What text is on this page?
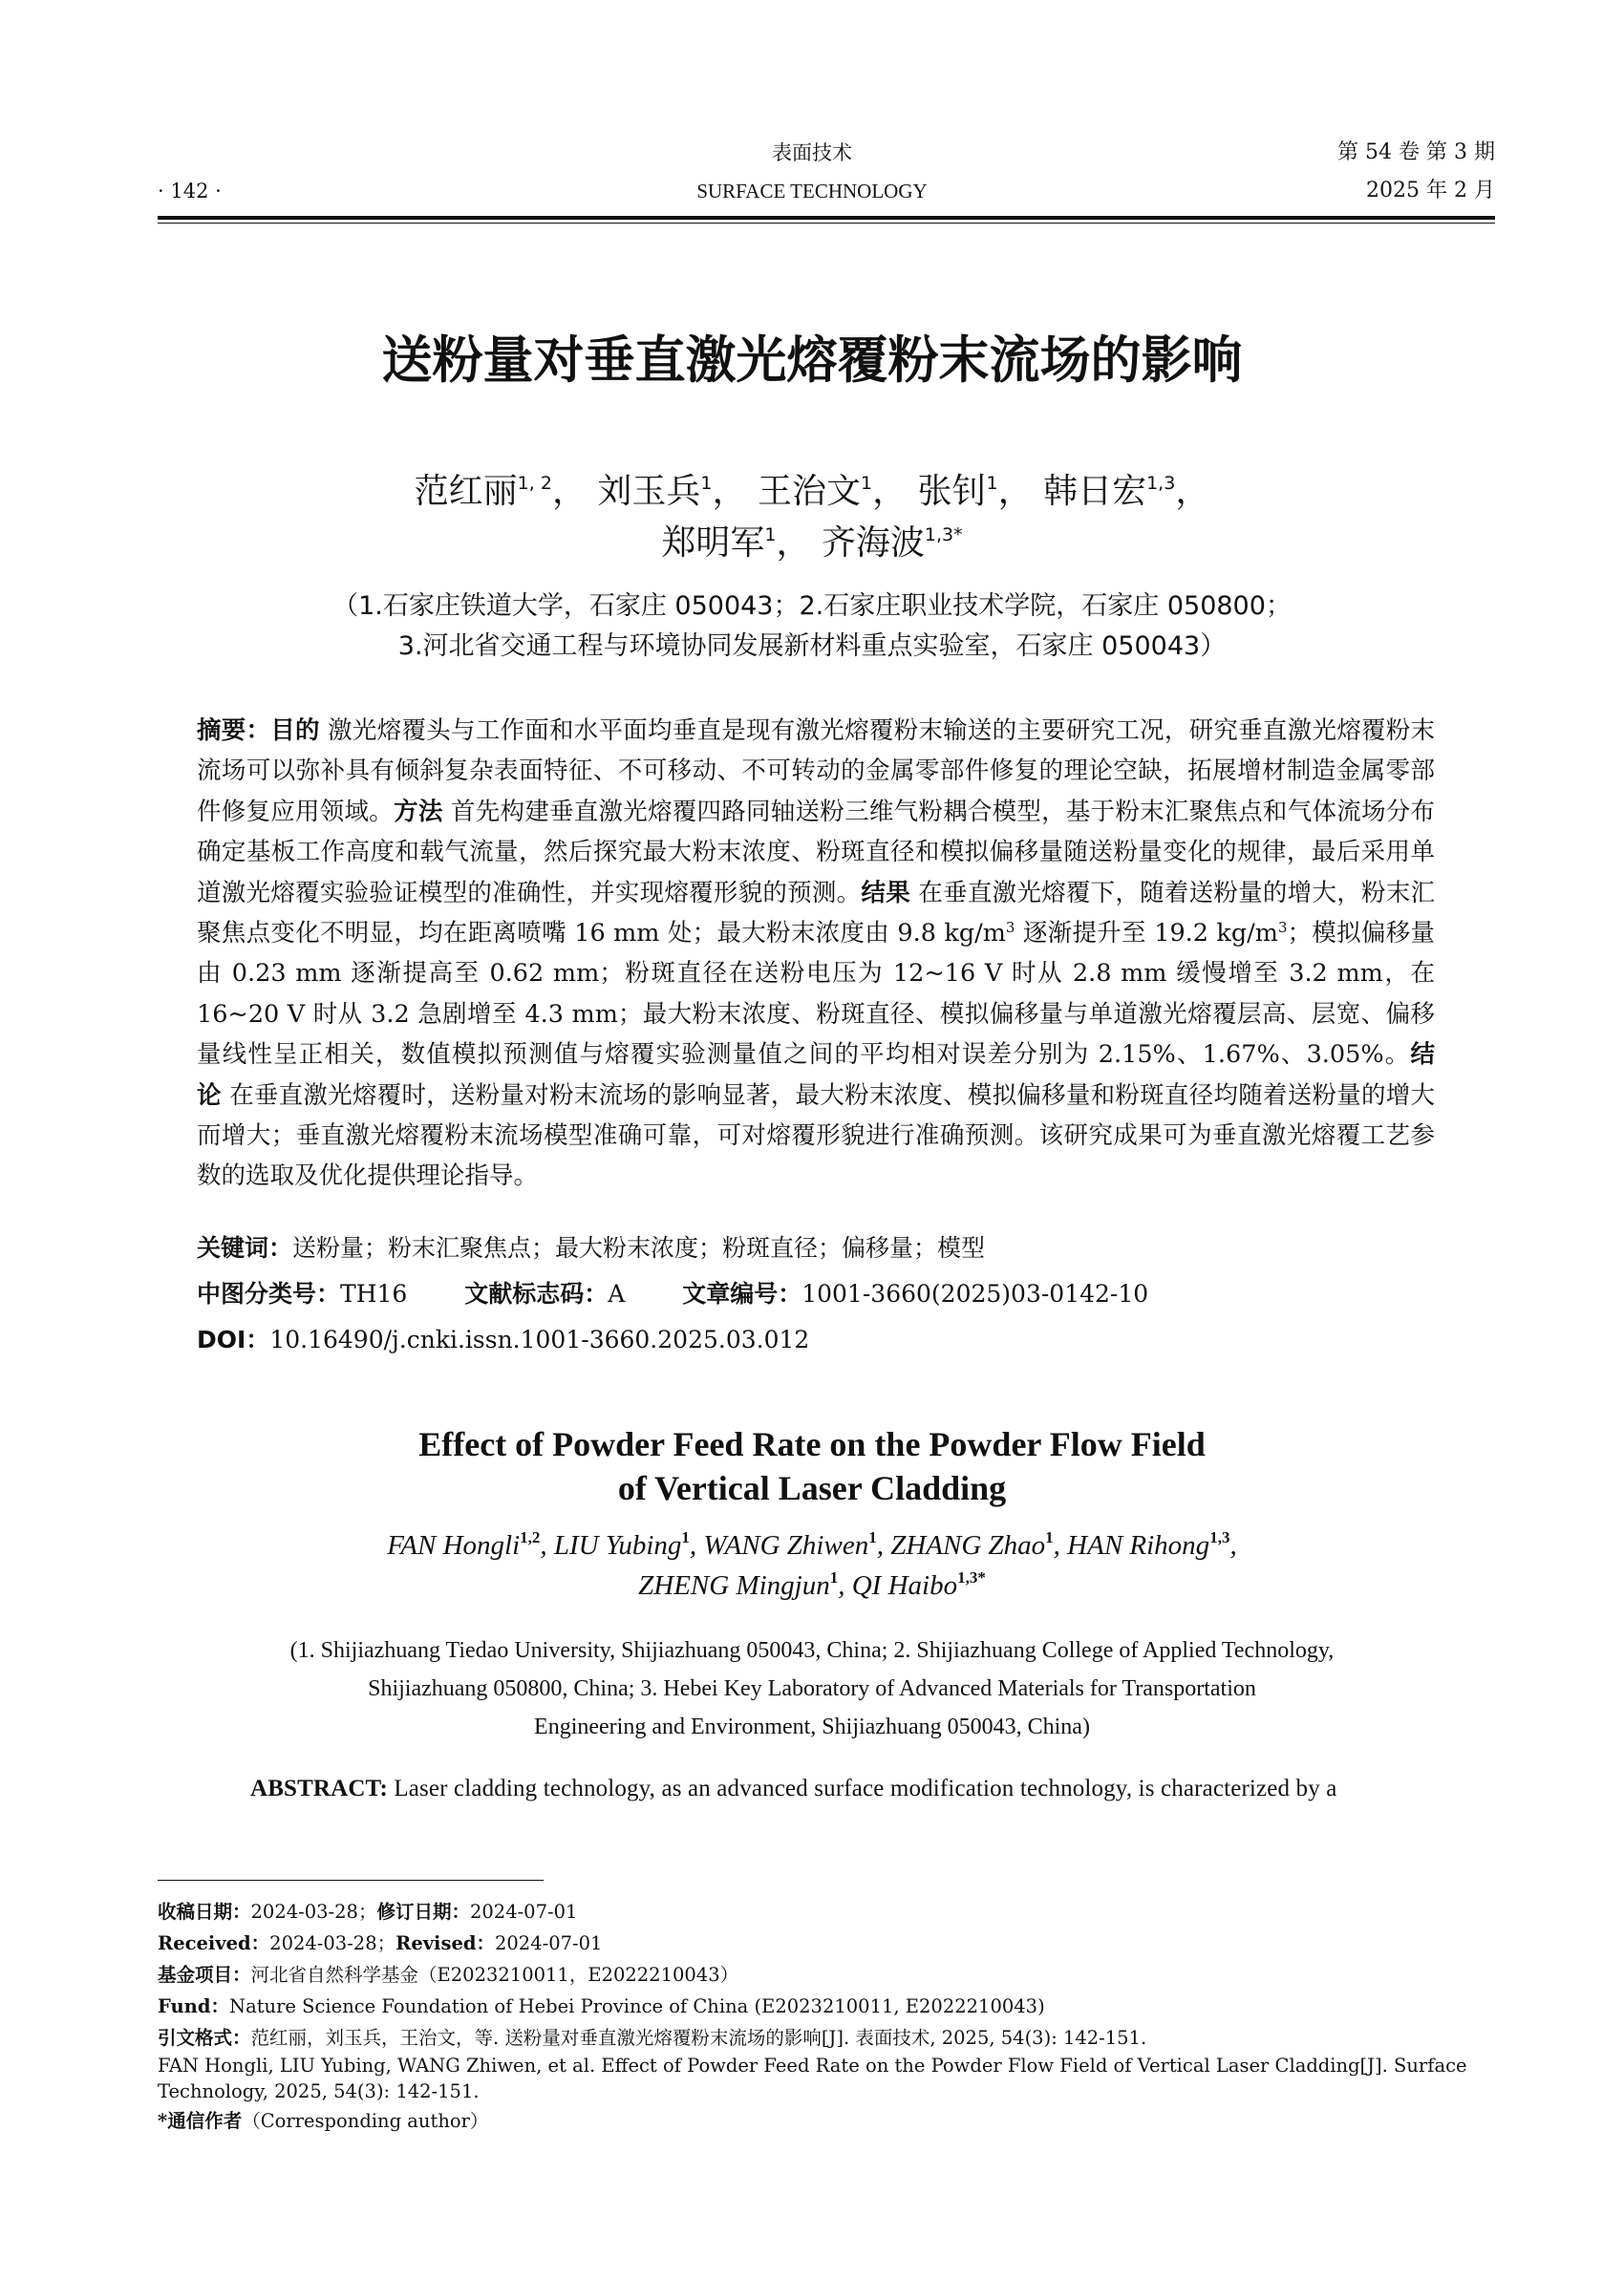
· 142 ·
表面技术
SURFACE TECHNOLOGY
第 54 卷 第 3 期
2025 年 2 月
送粉量对垂直激光熔覆粉末流场的影响
范红丽$^{1, 2}$， 刘玉兵$^1$， 王治文$^1$， 张钊$^1$， 韩日宏$^{1,3}$，
郑明军$^1$， 齐海波$^{1,3*}$
（1.石家庄铁道大学，石家庄 050043；2.石家庄职业技术学院，石家庄 050800；
3.河北省交通工程与环境协同发展新材料重点实验室，石家庄 050043）
摘要：目的 激光熔覆头与工作面和水平面均垂直是现有激光熔覆粉末输送的主要研究工况，研究垂直激光熔覆粉末流场可以弥补具有倾斜复杂表面特征、不可移动、不可转动的金属零部件修复的理论空缺，拓展增材制造金属零部件修复应用领域。方法 首先构建垂直激光熔覆四路同轴送粉三维气粉耦合模型，基于粉末汇聚焦点和气体流场分布确定基板工作高度和载气流量，然后探究最大粉末浓度、粉斑直径和模拟偏移量随送粉量变化的规律，最后采用单道激光熔覆实验验证模型的准确性，并实现熔覆形貌的预测。结果 在垂直激光熔覆下，随着送粉量的增大，粉末汇聚焦点变化不明显，均在距离喷嘴 16 mm 处；最大粉末浓度由 9.8 $kg/m^3$ 逐渐提升至 19.2 $kg/m^3$；模拟偏移量由 0.23 mm 逐渐提高至 0.62 mm；粉斑直径在送粉电压为 12~16 V 时从 2.8 mm 缓慢增至 3.2 mm，在 16~20 V 时从 3.2 急剧增至 4.3 mm；最大粉末浓度、粉斑直径、模拟偏移量与单道激光熔覆层高、层宽、偏移量线性呈正相关，数值模拟预测值与熔覆实验测量值之间的平均相对误差分别为 2.15%、1.67%、3.05%。结论 在垂直激光熔覆时，送粉量对粉末流场的影响显著，最大粉末浓度、模拟偏移量和粉斑直径均随着送粉量的增大而增大；垂直激光熔覆粉末流场模型准确可靠，可对熔覆形貌进行准确预测。该研究成果可为垂直激光熔覆工艺参数的选取及优化提供理论指导。
关键词：送粉量；粉末汇聚焦点；最大粉末浓度；粉斑直径；偏移量；模型
中图分类号：TH16 文献标志码：A 文章编号：1001-3660(2025)03-0142-10
DOI：10.16490/j.cnki.issn.1001-3660.2025.03.012
Effect of Powder Feed Rate on the Powder Flow Field
of Vertical Laser Cladding
FAN Hongli$^{1,2}$, LIU Yubing$^1$, WANG Zhiwen$^1$, ZHANG Zhao$^1$, HAN Rihong$^{1,3}$,
ZHENG Mingjun$^1$, QI Haibo$^{1,3*}$
(1. Shijiazhuang Tiedao University, Shijiazhuang 050043, China; 2. Shijiazhuang College of Applied Technology,
Shijiazhuang 050800, China; 3. Hebei Key Laboratory of Advanced Materials for Transportation
Engineering and Environment, Shijiazhuang 050043, China)
ABSTRACT: Laser cladding technology, as an advanced surface modification technology, is characterized by a
收稿日期：2024-03-28；修订日期：2024-07-01
Received：2024-03-28；Revised：2024-07-01
基金项目：河北省自然科学基金（E2023210011，E2022210043）
Fund：Nature Science Foundation of Hebei Province of China (E2023210011, E2022210043)
引文格式：范红丽，刘玉兵，王治文，等. 送粉量对垂直激光熔覆粉末流场的影响[J]. 表面技术, 2025, 54(3): 142-151.
FAN Hongli, LIU Yubing, WANG Zhiwen, et al. Effect of Powder Feed Rate on the Powder Flow Field of Vertical Laser Cladding[J]. Surface Technology, 2025, 54(3): 142-151.
*通信作者（Corresponding author）
